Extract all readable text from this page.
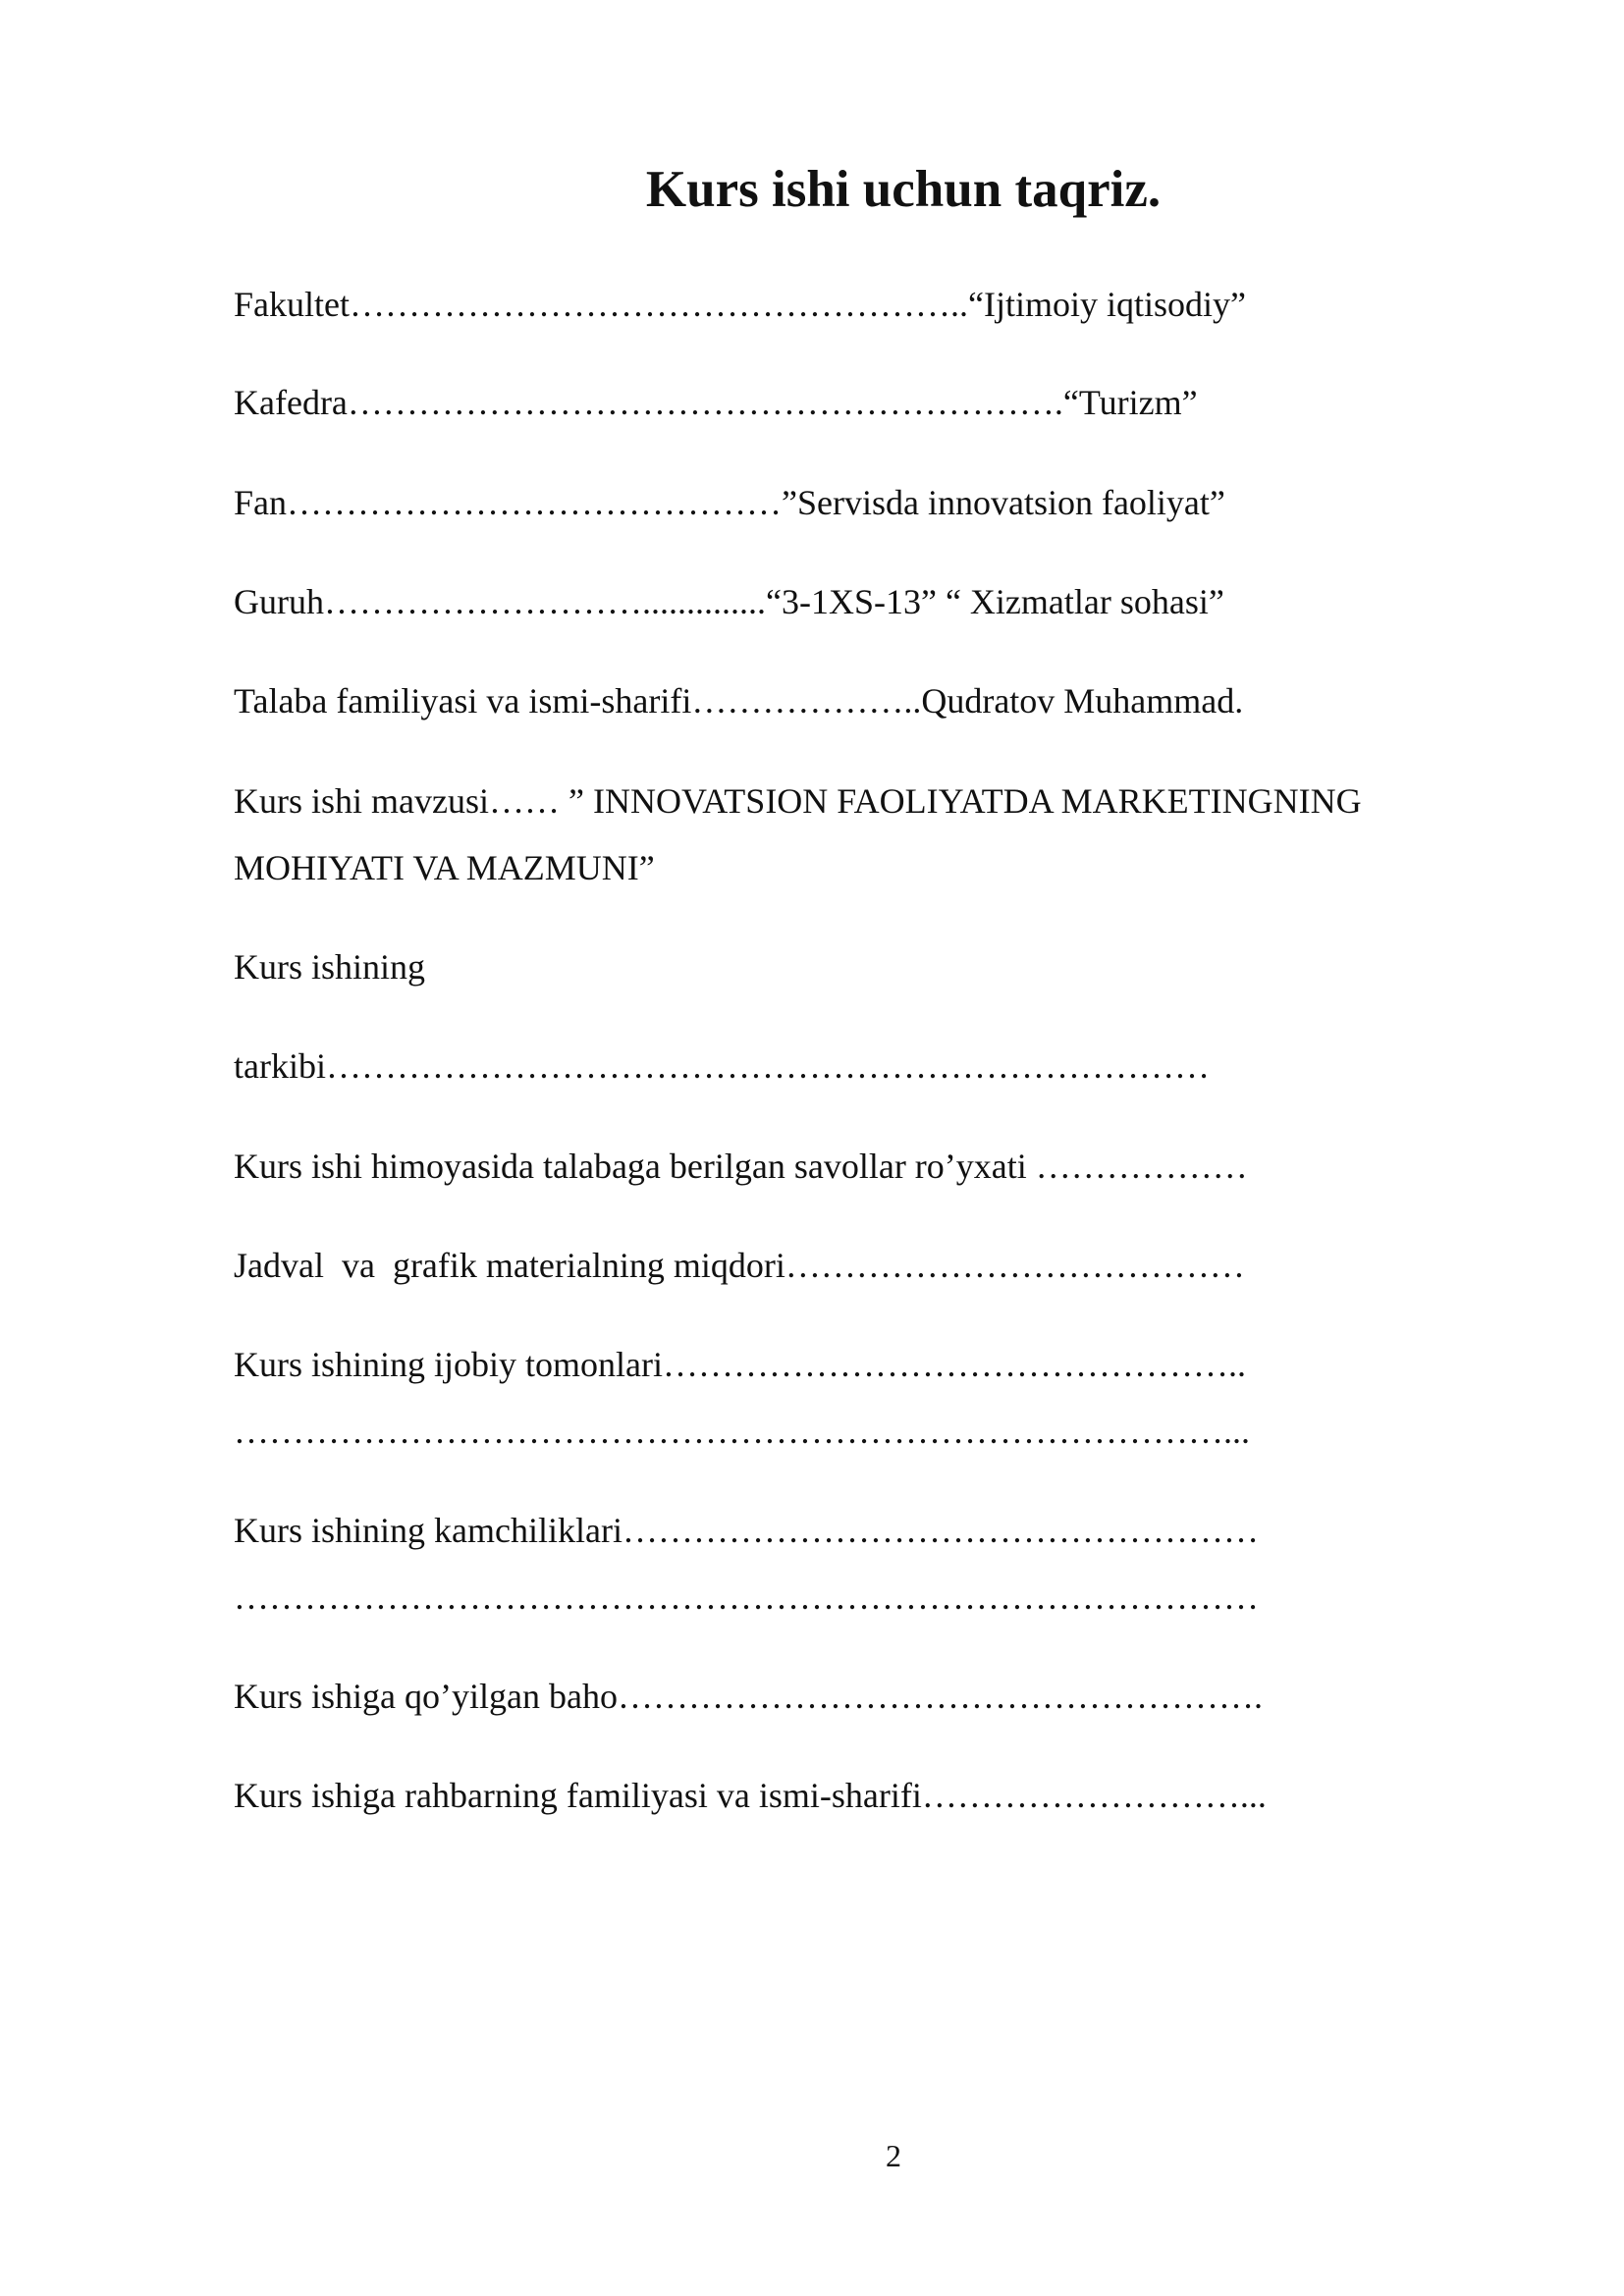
Kurs ishi uchun taqriz.
Fakultet……………………………………………..“Ijtimoiy iqtisodiy”
Kafedra…………………………………………………….“Turizm”
Fan……………………………………”Servisda innovatsion faoliyat”
Guruh………………………..............“3-1XS-13” “ Xizmatlar sohasi”
Talaba familiyasi va ismi-sharifi………………..Qudratov Muhammad.
Kurs ishi mavzusi…… ” INNOVATSION FAOLIYATDA MARKETINGNING
MOHIYATI VA MAZMUNI”
Kurs ishining
tarkibi…………………………………………………………………
Kurs ishi himoyasida talabaga berilgan savollar ro’yxati ………………
Jadval  va  grafik materialning miqdori…………………………………
Kurs ishining ijobiy tomonlari…………………………………………..
…………………………………………………………………………...
Kurs ishining kamchiliklari………………………………………………
……………………………………………………………………………
Kurs ishiga qo’yilgan baho……………………………………………….
Kurs ishiga rahbarning familiyasi va ismi-sharifi………………………...
2
